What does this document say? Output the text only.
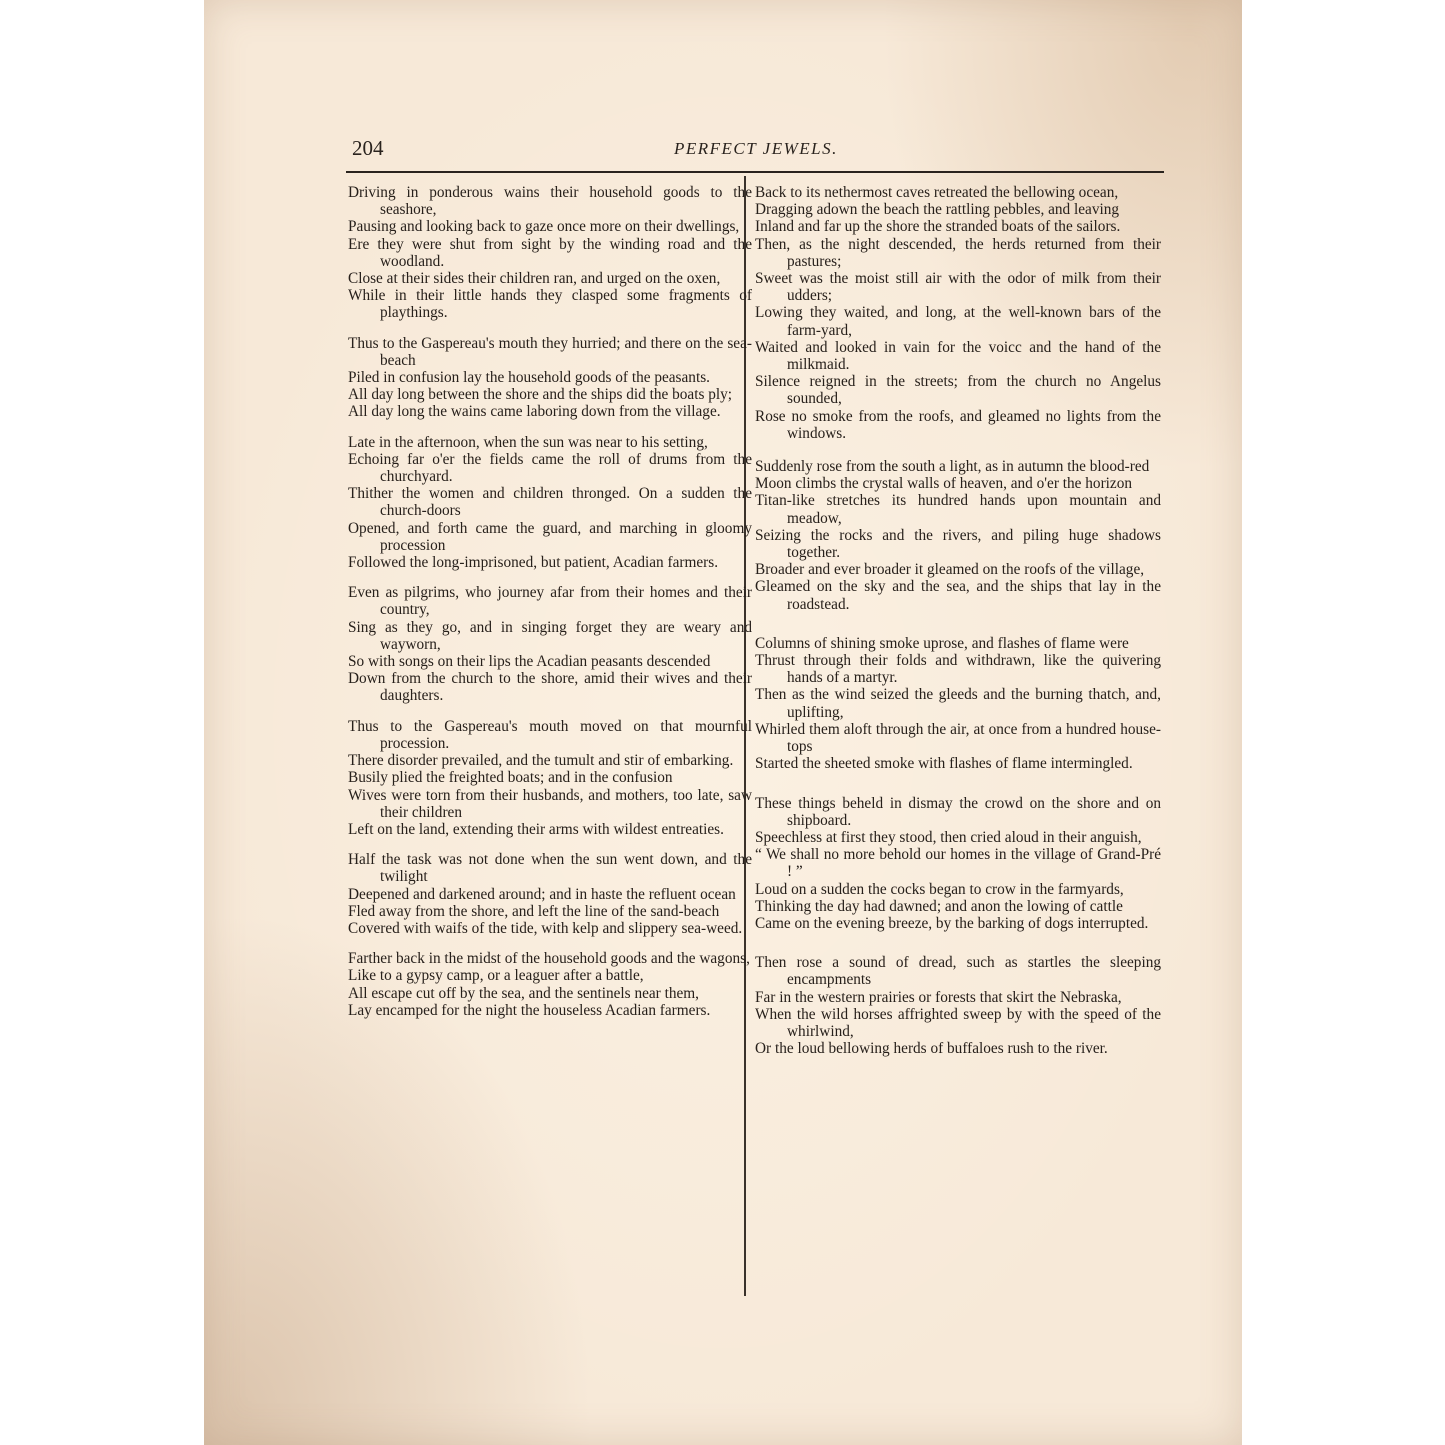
204	PERFECT JEWELS.

Driving in ponderous wains their household goods to the seashore,

Pausing and looking back to gaze once more on their dwellings,

Ere they were shut from sight by the winding road and the woodland.

Close at their sides their children ran, and urged on the oxen,

While in their little hands they clasped some fragments of playthings.

Thus to the Gaspereau's mouth they hurried; and there on the sea-beach

Piled in confusion lay the household goods of the peasants.

All day long between the shore and the ships did the boats ply;

All day long the wains came laboring down from the village.

Late in the afternoon, when the sun was near to his setting,

Echoing far o'er the fields came the roll of drums from the churchyard.

Thither the women and children thronged. On a sudden the church-doors

Opened, and forth came the guard, and marching in gloomy procession

Followed the long-imprisoned, but patient, Acadian farmers.

Even as pilgrims, who journey afar from their homes and their country,

Sing as they go, and in singing forget they are weary and wayworn,

So with songs on their lips the Acadian peasants descended

Down from the church to the shore, amid their wives and their daughters.

Thus to the Gaspereau's mouth moved on that mournful procession.

There disorder prevailed, and the tumult and stir of embarking.

Busily plied the freighted boats; and in the confusion

Wives were torn from their husbands, and mothers, too late, saw their children

Left on the land, extending their arms with wildest entreaties.

Half the task was not done when the sun went down, and the twilight

Deepened and darkened around; and in haste the refluent ocean

Fled away from the shore, and left the line of the sand-beach

Covered with waifs of the tide, with kelp and slippery sea-weed.

Farther back in the midst of the household goods and the wagons,

Like to a gypsy camp, or a leaguer after a battle,

All escape cut off by the sea, and the sentinels near them,

Lay encamped for the night the houseless Acadian farmers.

Back to its nethermost caves retreated the bellowing ocean,

Dragging adown the beach the rattling pebbles, and leaving

Inland and far up the shore the stranded boats of the sailors.

Then, as the night descended, the herds returned from their pastures;

Sweet was the moist still air with the odor of milk from their udders;

Lowing they waited, and long, at the well-known bars of the farm-yard,

Waited and looked in vain for the voicc and the hand of the milkmaid.

Silence reigned in the streets; from the church no Angelus sounded,

Rose no smoke from the roofs, and gleamed no lights from the windows.

Suddenly rose from the south a light, as in autumn the blood-red

Moon climbs the crystal walls of heaven, and o'er the horizon

Titan-like stretches its hundred hands upon mountain and meadow,

Seizing the rocks and the rivers, and piling huge shadows together.

Broader and ever broader it gleamed on the roofs of the village,

Gleamed on the sky and the sea, and the ships that lay in the roadstead.

Columns of shining smoke uprose, and flashes of flame were

Thrust through their folds and withdrawn, like the quivering hands of a martyr.

Then as the wind seized the gleeds and the burning thatch, and, uplifting,

Whirled them aloft through the air, at once from a hundred house-tops

Started the sheeted smoke with flashes of flame intermingled.

These things beheld in dismay the crowd on the shore and on shipboard.

Speechless at first they stood, then cried aloud in their anguish,

“ We shall no more behold our homes in the village of Grand-Pré ! ”

Loud on a sudden the cocks began to crow in the farmyards,

Thinking the day had dawned; and anon the lowing of cattle

Came on the evening breeze, by the barking of dogs interrupted.

Then rose a sound of dread, such as startles the sleeping encampments

Far in the western prairies or forests that skirt the Nebraska,

When the wild horses affrighted sweep by with the speed of the whirlwind,

Or the loud bellowing herds of buffaloes rush to the river.
